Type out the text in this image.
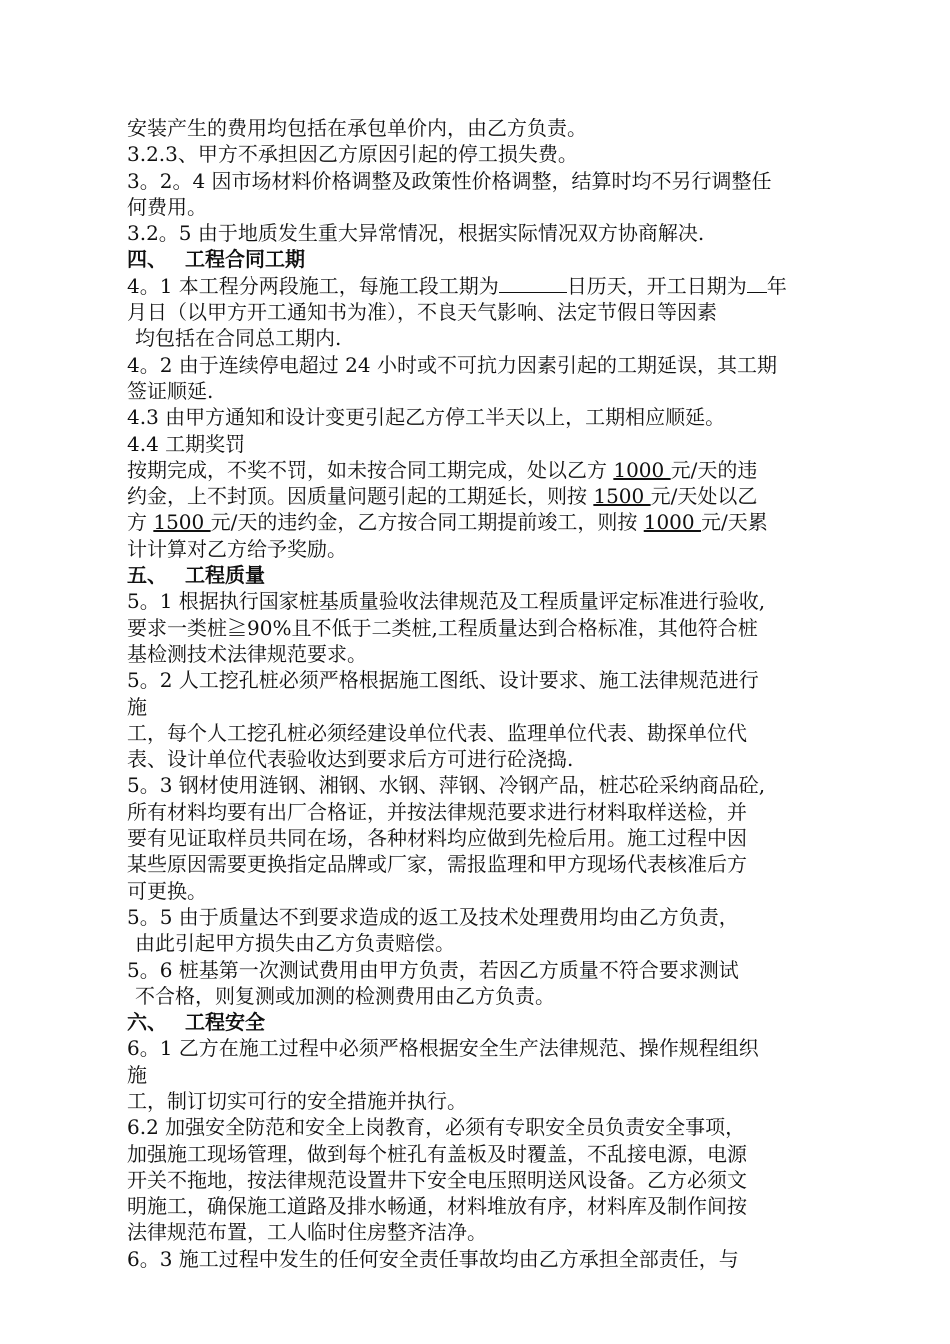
安装产生的费用均包括在承包单价内，由乙方负责。
3.2.3、甲方不承担因乙方原因引起的停工损失费。
3。2。4 因市场材料价格调整及政策性价格调整，结算时均不另行调整任
何费用。
3.2。5 由于地质发生重大异常情况，根据实际情况双方协商解决.
四、 工程合同工期
4。1 本工程分两段施工，每施工段工期为	日历天，开工日期为 年
月日（以甲方开工通知书为准），不良天气影响、法定节假日等因素
均包括在合同总工期内.
4。2 由于连续停电超过 24 小时或不可抗力因素引起的工期延误，其工期
签证顺延.
4.3 由甲方通知和设计变更引起乙方停工半天以上，工期相应顺延。
4.4 工期奖罚
按期完成，不奖不罚，如未按合同工期完成，处以乙方 1000 元/天的违
约金，上不封顶。因质量问题引起的工期延长，则按 1500 元/天处以乙
方 1500 元/天的违约金，乙方按合同工期提前竣工，则按 1000 元/天累
计计算对乙方给予奖励。
五、 工程质量
5。1 根据执行国家桩基质量验收法律规范及工程质量评定标准进行验收,
要求一类桩≧90%且不低于二类桩,工程质量达到合格标准，其他符合桩
基检测技术法律规范要求。
5。2 人工挖孔桩必须严格根据施工图纸、设计要求、施工法律规范进行
施
工，每个人工挖孔桩必须经建设单位代表、监理单位代表、勘探单位代
表、设计单位代表验收达到要求后方可进行砼浇捣.
5。3 钢材使用涟钢、湘钢、水钢、萍钢、冷钢产品，桩芯砼采纳商品砼,
所有材料均要有出厂合格证，并按法律规范要求进行材料取样送检，并
要有见证取样员共同在场，各种材料均应做到先检后用。施工过程中因
某些原因需要更换指定品牌或厂家，需报监理和甲方现场代表核准后方
可更换。
5。5 由于质量达不到要求造成的返工及技术处理费用均由乙方负责，
由此引起甲方损失由乙方负责赔偿。
5。6 桩基第一次测试费用由甲方负责，若因乙方质量不符合要求测试
不合格，则复测或加测的检测费用由乙方负责。
六、 工程安全
6。1 乙方在施工过程中必须严格根据安全生产法律规范、操作规程组织
施
工，制订切实可行的安全措施并执行。
6.2 加强安全防范和安全上岗教育，必须有专职安全员负责安全事项，
加强施工现场管理，做到每个桩孔有盖板及时覆盖，不乱接电源，电源
开关不拖地，按法律规范设置井下安全电压照明送风设备。乙方必须文
明施工，确保施工道路及排水畅通，材料堆放有序，材料库及制作间按
法律规范布置，工人临时住房整齐洁净。
6。3 施工过程中发生的任何安全责任事故均由乙方承担全部责任，与
